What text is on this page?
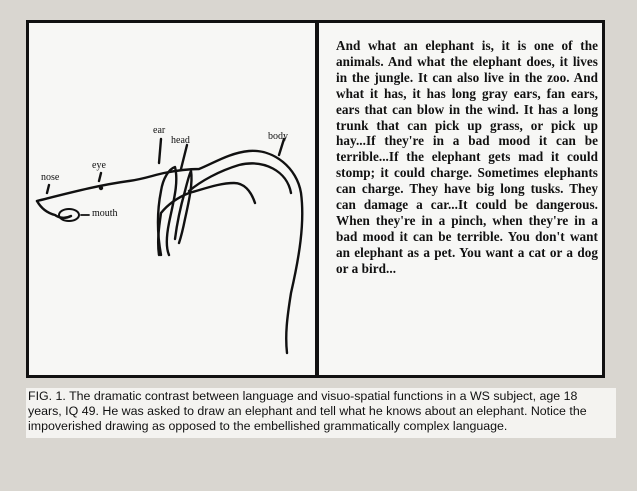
nose
eye
mouth
ear
head	body
And what an elephant is, it is one of the animals. And what the elephant does, it lives in the jungle. It can also live in the zoo. And what it has, it has long gray ears, fan ears, ears that can blow in the wind. It has a long trunk that can pick up grass, or pick up hay...If they're in a bad mood it can be terrible...If the elephant gets mad it could stomp; it could charge. Sometimes elephants can charge. They have big long tusks. They can damage a car...It could be dangerous. When they're in a pinch, when they're in a bad mood it can be terrible. You don't want an elephant as a pet. You want a cat or a dog or a bird...
FIG. 1. The dramatic contrast between language and visuo-spatial functions in a WS subject, age 18 years, IQ 49. He was asked to draw an elephant and tell what he knows about an elephant. Notice the impoverished drawing as opposed to the embellished grammatically complex language.
